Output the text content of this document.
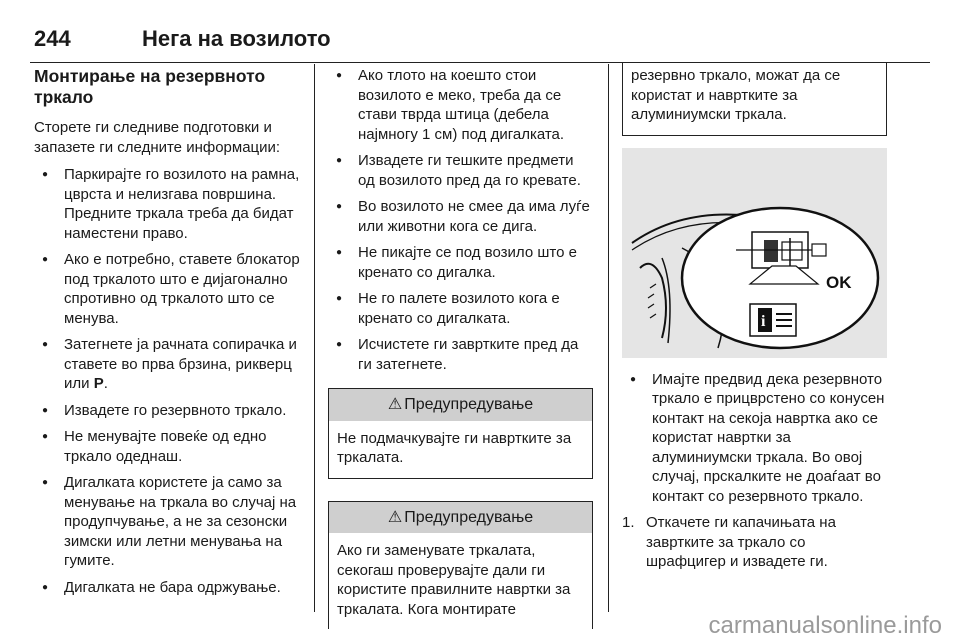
244	Нега на возилото
Монтирање на резервното тркало

Сторете ги следниве подготовки и запазете ги следните информации:

● Паркирајте го возилото на рамна, цврста и нелизгава површина. Предните тркала треба да бидат наместени право.
● Ако е потребно, ставете блокатор под тркалото што е дијагонално спротивно од тркалото што се менува.
● Затегнете ја рачната сопирачка и ставете во прва брзина, рикверц или P.
● Извадете го резервното тркало.
● Не менувајте повеќе од едно тркало одеднаш.
● Дигалката користете ја само за менување на тркала во случај на продупчување, а не за сезонски зимски или летни менувања на гумите.
● Дигалката не бара одржување.
● Ако тлото на коешто стои возилото е меко, треба да се стави тврда штица (дебела најмногу 1 см) под дигалката.
● Извадете ги тешките предмети од возилото пред да го кревате.
● Во возилото не смее да има луѓе или животни кога се дига.
● Не пикајте се под возило што е кренато со дигалка.
● Не го палете возилото кога е кренато со дигалката.
● Исчистете ги завртките пред да ги затегнете.
⚠ Предупредување
Не подмачкувајте ги навртките за тркалата.
⚠ Предупредување
Ако ги заменувате тркалата, секогаш проверувајте дали ги користите правилните навртки за тркалата. Кога монтирате
резервно тркало, можат да се користат и навртките за алуминиумски тркала.
OK
i
● Имајте предвид дека резервното тркало е прицврстено со конусен контакт на секоја навртка ако се користат навртки за алуминиумски тркала. Во овој случај, прскалките не доаѓаат во контакт со резервното тркало.
1. Откачете ги капачињата на завртките за тркало со шрафцигер и извадете ги.
carmanualsonline.info
